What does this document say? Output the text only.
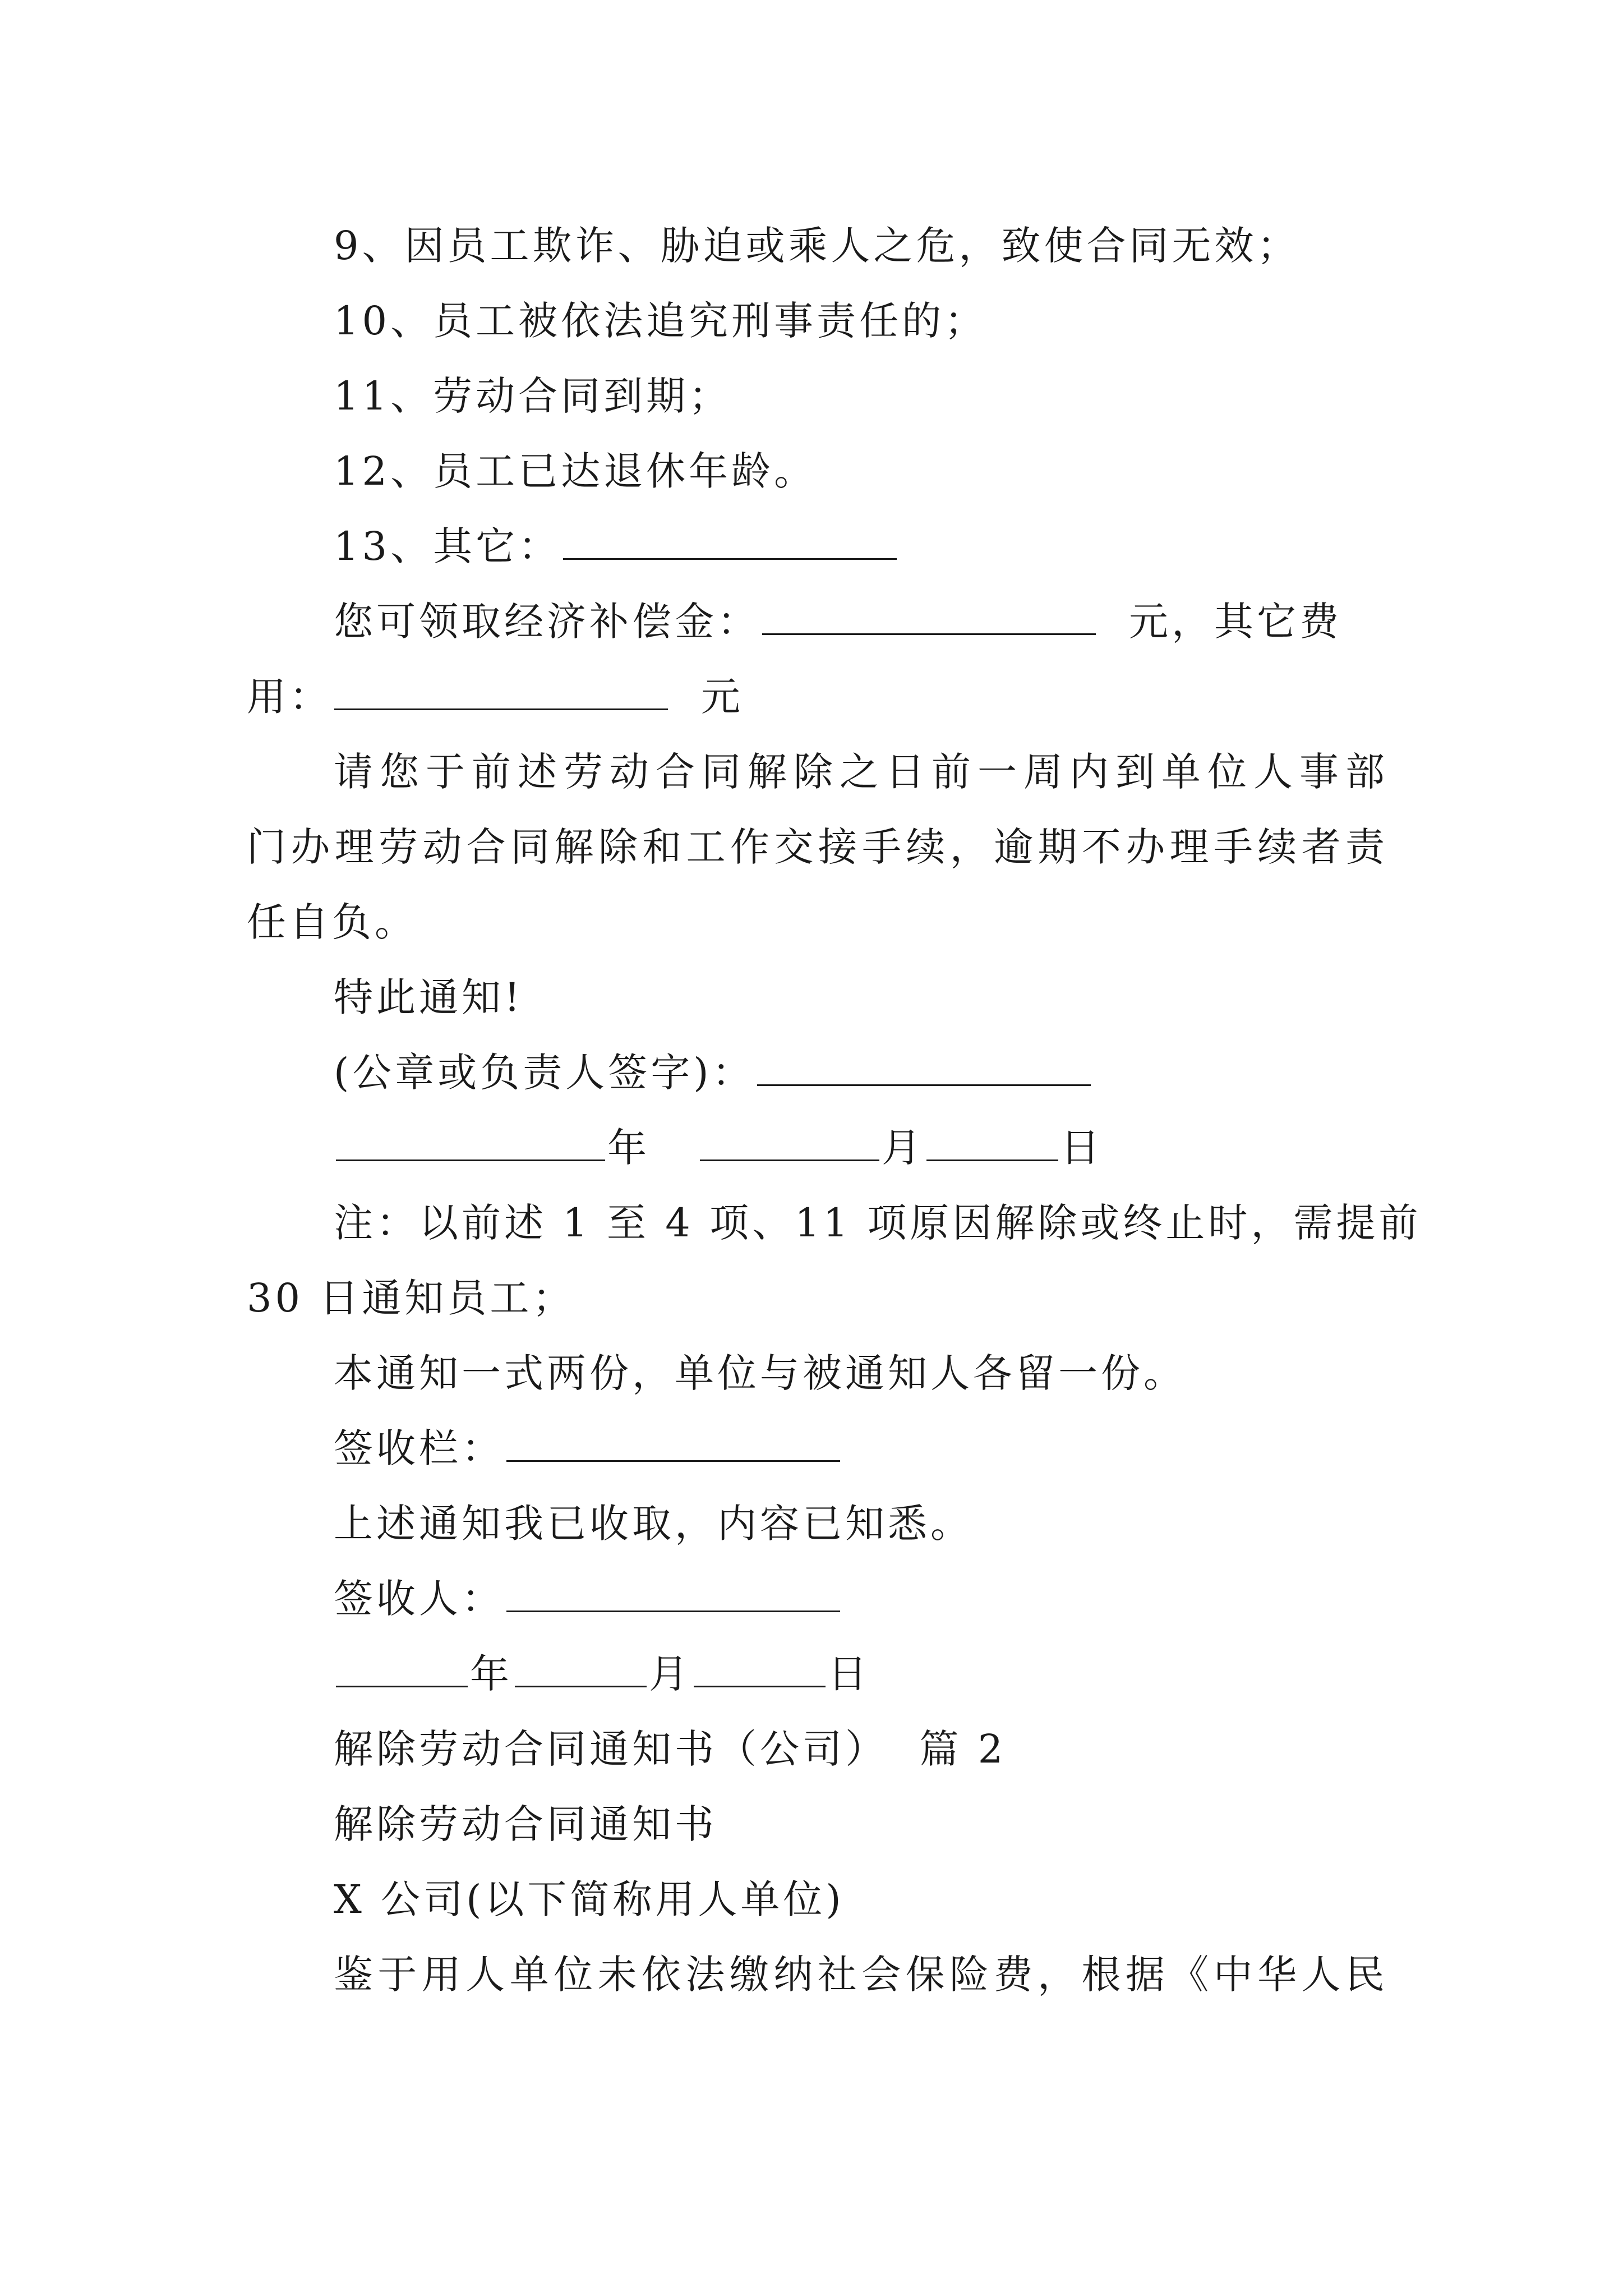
9、因员工欺诈、胁迫或乘人之危，致使合同无效；
10、员工被依法追究刑事责任的；
11、劳动合同到期；
12、员工已达退休年龄。
13、其它：
您可领取经济补偿金：	元，其它费
用：	元
请您于前述劳动合同解除之日前一周内到单位人事部
门办理劳动合同解除和工作交接手续，逾期不办理手续者责
任自负。
特此通知!
(公章或负责人签字)：
年	月	日
注：以前述 1 至 4 项、11 项原因解除或终止时，需提前
30 日通知员工；
本通知一式两份，单位与被通知人各留一份。
签收栏：
上述通知我已收取，内容已知悉。
签收人：
年	月	日
解除劳动合同通知书（公司）  篇 2
解除劳动合同通知书
X 公司(以下简称用人单位)
鉴于用人单位未依法缴纳社会保险费，根据《中华人民
